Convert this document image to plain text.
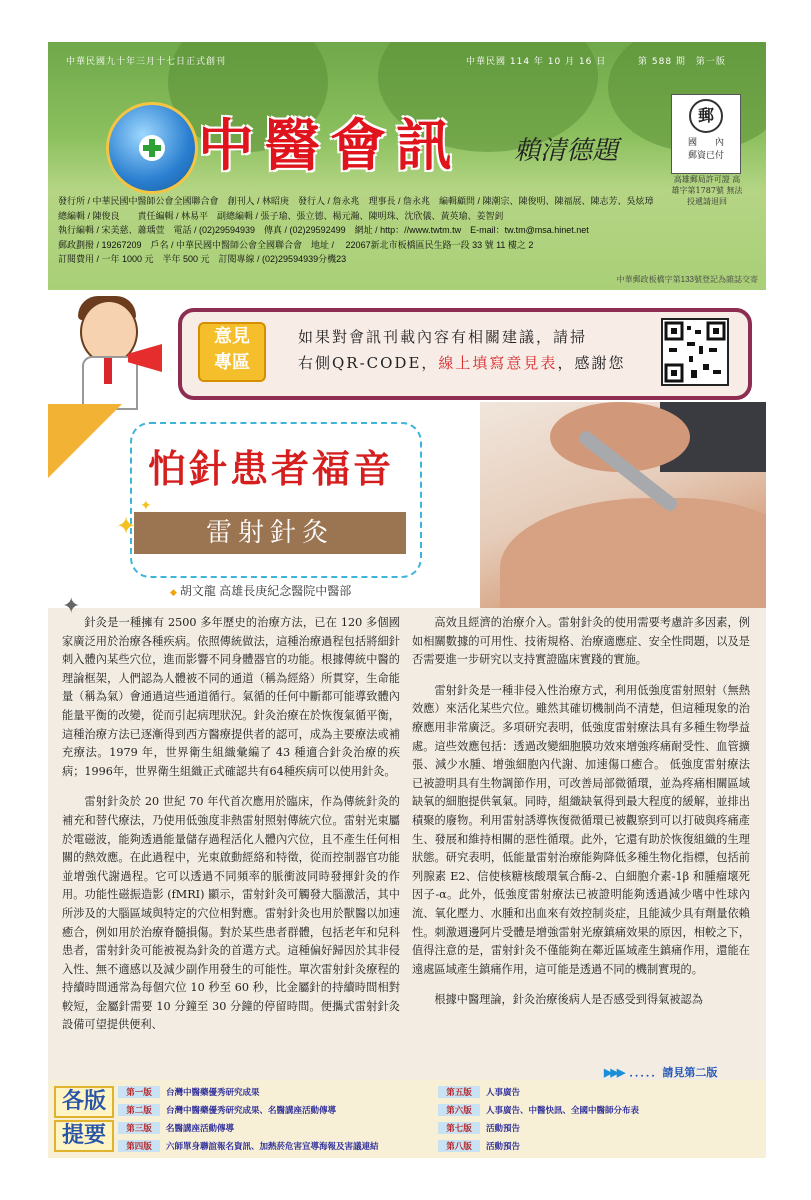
中華民國九十年三月十七日正式創刊	中華民國 114 年 10 月 16 日	第 588 期　第一版
中醫會訊 賴清德題
郵
國　　內
郵資已付
高雄郵局許可證 高雄字第1787號 無法投遞請退回
發行所 / 中華民國中醫師公會全國聯合會　創刊人 / 林昭庚　發行人 / 詹永兆　理事長 / 詹永兆　編輯顧問 / 陳潮宗、陳俊明、陳福展、陳志芳、吳炫璋
總編輯 / 陳俊良　　責任編輯 / 林易平　副總編輯 / 張子瑜、張立德、楊元瀚、陳明珠、沈欣儀、黃英瑜、姜智釗
執行編輯 / 宋美慈、蕭瑀萱　電話 / (02)29594939　傳真 / (02)29592499　網址 / http：//www.twtm.tw　E-mail：tw.tm@msa.hinet.net
郵政劃撥 / 19267209　戶名 / 中華民國中醫師公會全國聯合會　地址 / 　22067新北市板橋區民生路一段 33 號 11 樓之 2
訂閱費用 / 一年 1000 元　半年 500 元　訂閱專線 / (02)29594939分機23
中華郵政板橋字第133號登記為雜誌交寄
意見
專區
如果對會訊刊載內容有相關建議，請掃
右側QR-CODE，線上填寫意見表，感謝您
怕針患者福音
雷射針灸
✦
✦
◆ 胡文龍 高雄長庚紀念醫院中醫部

針灸是一種擁有 2500 多年歷史的治療方法，已在 120 多個國家廣泛用於治療各種疾病。依照傳統做法，這種治療過程包括將細針刺入體內某些穴位，進而影響不同身體器官的功能。根據傳統中醫的理論框架，人們認為人體被不同的通道（稱為經絡）所貫穿，生命能量（稱為氣）會通過這些通道循行。氣循的任何中斷都可能導致體內能量平衡的改變，從而引起病理狀況。針灸治療在於恢復氣循平衡，這種治療方法已逐漸得到西方醫療提供者的認可，成為主要療法或補充療法。1979 年，世界衛生組織彙編了 43 種適合針灸治療的疾病；1996年，世界衛生組織正式確認共有64種疾病可以使用針灸。

雷射針灸於 20 世紀 70 年代首次應用於臨床，作為傳統針灸的補充和替代療法，乃使用低強度非熱雷射照射傳統穴位。雷射光束屬於電磁波，能夠透過能量儲存過程活化人體內穴位，且不產生任何相關的熱效應。在此過程中，光束啟動經絡和特徵，從而控制器官功能並增強代謝過程。它可以透過不同頻率的脈衝波同時發揮針灸的作用。功能性磁振造影 (fMRI) 顯示，雷射針灸可觸發大腦激活，其中所涉及的大腦區域與特定的穴位相對應。雷射針灸也用於獸醫以加速癒合，例如用於治療脊髓損傷。對於某些患者群體，包括老年和兒科患者，雷射針灸可能被視為針灸的首選方式。這種偏好歸因於其非侵入性、無不適感以及減少副作用發生的可能性。單次雷射針灸療程的持續時間通常為每個穴位 10 秒至 60 秒，比金屬針的持續時間相對較短，金屬針需要 10 分鐘至 30 分鐘的停留時間。便攜式雷射針灸設備可望提供便利、

高效且經濟的治療介入。雷射針灸的使用需要考慮許多因素，例如相關數據的可用性、技術規格、治療適應症、安全性問題，以及是否需要進一步研究以支持實證臨床實踐的實施。

雷射針灸是一種非侵入性治療方式，利用低強度雷射照射（無熱效應）來活化某些穴位。雖然其確切機制尚不清楚，但這種現象的治療應用非常廣泛。多項研究表明，低強度雷射療法具有多種生物學益處。這些效應包括：透過改變細胞膜功效來增強疼痛耐受性、血管擴張、減少水腫、增強細胞內代謝、加速傷口癒合。 低強度雷射療法已被證明具有生物調節作用，可改善局部微循環，並為疼痛相關區域缺氧的細胞提供氧氣。同時，組織缺氧得到最大程度的緩解，並排出積聚的廢物。利用雷射誘導恢復微循環已被觀察到可以打破與疼痛產生、發展和維持相關的惡性循環。此外，它還有助於恢復組織的生理狀態。研究表明，低能量雷射治療能夠降低多種生物化指標，包括前列腺素 E2、信使核糖核酸環氧合酶-2、白細胞介素-1β 和腫瘤壞死因子-α。此外，低強度雷射療法已被證明能夠透過減少嗜中性球內流、氧化壓力、水腫和出血來有效控制炎症，且能減少具有劑量依賴性。刺激週邊阿片受體是增強雷射光療鎮痛效果的原因，相較之下，值得注意的是，雷射針灸不僅能夠在鄰近區域產生鎮痛作用，還能在遠處區域產生鎮痛作用，這可能是透過不同的機制實現的。

根據中醫理論，針灸治療後病人是否感受到得氣被認為

✦
▶▶▶ ．．．．．請見第二版
各版
提要
第一版 台灣中醫藥優秀研究成果
第二版 台灣中醫藥優秀研究成果、名醫講座活動傳導
第三版 名醫講座活動傳導
第四版 六師單身聯誼報名資訊、加熱菸危害宣導海報及害議連結
第五版 人事廣告
第六版 人事廣告、中醫快訊、全國中醫師分布表
第七版 活動預告
第八版 活動預告
